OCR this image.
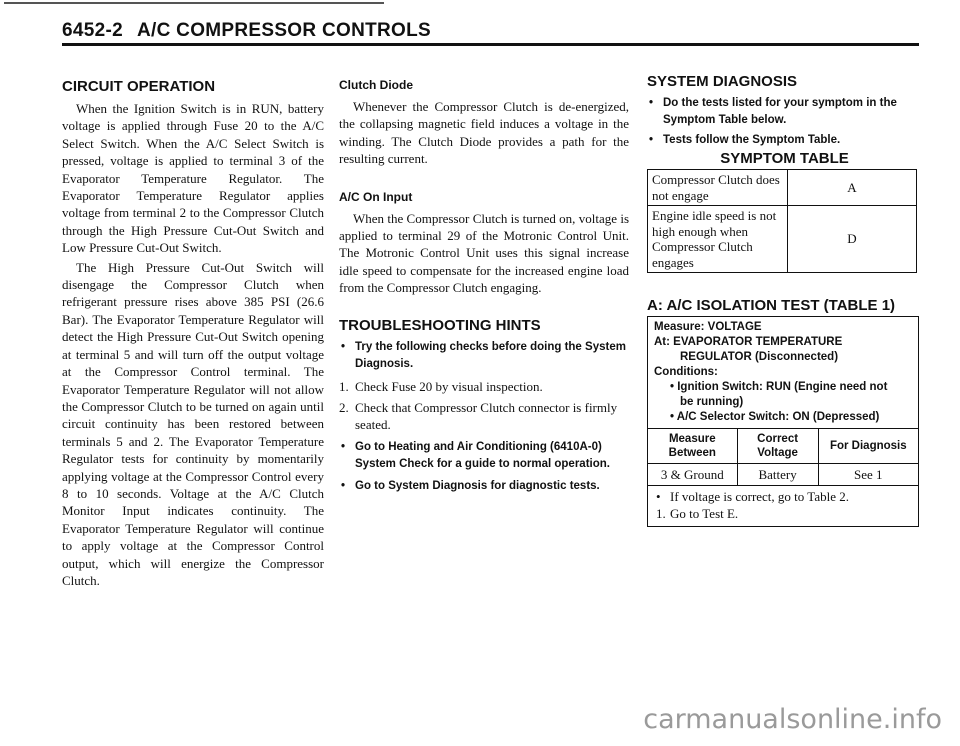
6452-2 A/C COMPRESSOR CONTROLS
CIRCUIT OPERATION

When the Ignition Switch is in RUN, battery voltage is applied through Fuse 20 to the A/C Select Switch. When the A/C Select Switch is pressed, voltage is applied to terminal 3 of the Evaporator Temperature Regulator. The Evaporator Temperature Regulator applies voltage from terminal 2 to the Compressor Clutch through the High Pressure Cut-Out Switch and Low Pressure Cut-Out Switch.

The High Pressure Cut-Out Switch will disengage the Compressor Clutch when refrigerant pressure rises above 385 PSI (26.6 Bar). The Evaporator Temperature Regulator will detect the High Pressure Cut-Out Switch opening at terminal 5 and will turn off the output voltage at the Compressor Control terminal. The Evaporator Temperature Regulator will not allow the Compressor Clutch to be turned on again until circuit continuity has been restored between terminals 5 and 2. The Evaporator Temperature Regulator tests for continuity by momentarily applying voltage at the Compressor Control every 8 to 10 seconds. Voltage at the A/C Clutch Monitor Input indicates continuity. The Evaporator Temperature Regulator will continue to apply voltage at the Compressor Control output, which will energize the Compressor Clutch.

Clutch Diode

Whenever the Compressor Clutch is de-energized, the collapsing magnetic field induces a voltage in the winding. The Clutch Diode provides a path for the resulting current.

A/C On Input

When the Compressor Clutch is turned on, voltage is applied to terminal 29 of the Motronic Control Unit. The Motronic Control Unit uses this signal increase idle speed to compensate for the increased engine load from the Compressor Clutch engaging.

TROUBLESHOOTING HINTS
• Try the following checks before doing the System Diagnosis.
1. Check Fuse 20 by visual inspection.
2. Check that Compressor Clutch connector is firmly seated.
• Go to Heating and Air Conditioning (6410A-0) System Check for a guide to normal operation.
• Go to System Diagnosis for diagnostic tests.
SYSTEM DIAGNOSIS
• Do the tests listed for your symptom in the Symptom Table below.
• Tests follow the Symptom Table.
SYMPTOM TABLE
Compressor Clutch does not engage	A
Engine idle speed is not high enough when Compressor Clutch engages	D
A: A/C ISOLATION TEST (TABLE 1)
Measure: VOLTAGE
At: EVAPORATOR TEMPERATURE
REGULATOR (Disconnected)
Conditions:
• Ignition Switch: RUN (Engine need not
be running)
• A/C Selector Switch: ON (Depressed)
Measure Between	Correct Voltage	For Diagnosis
3 & Ground	Battery	See 1
• If voltage is correct, go to Table 2.
1. Go to Test E.
carmanualsonline.info
